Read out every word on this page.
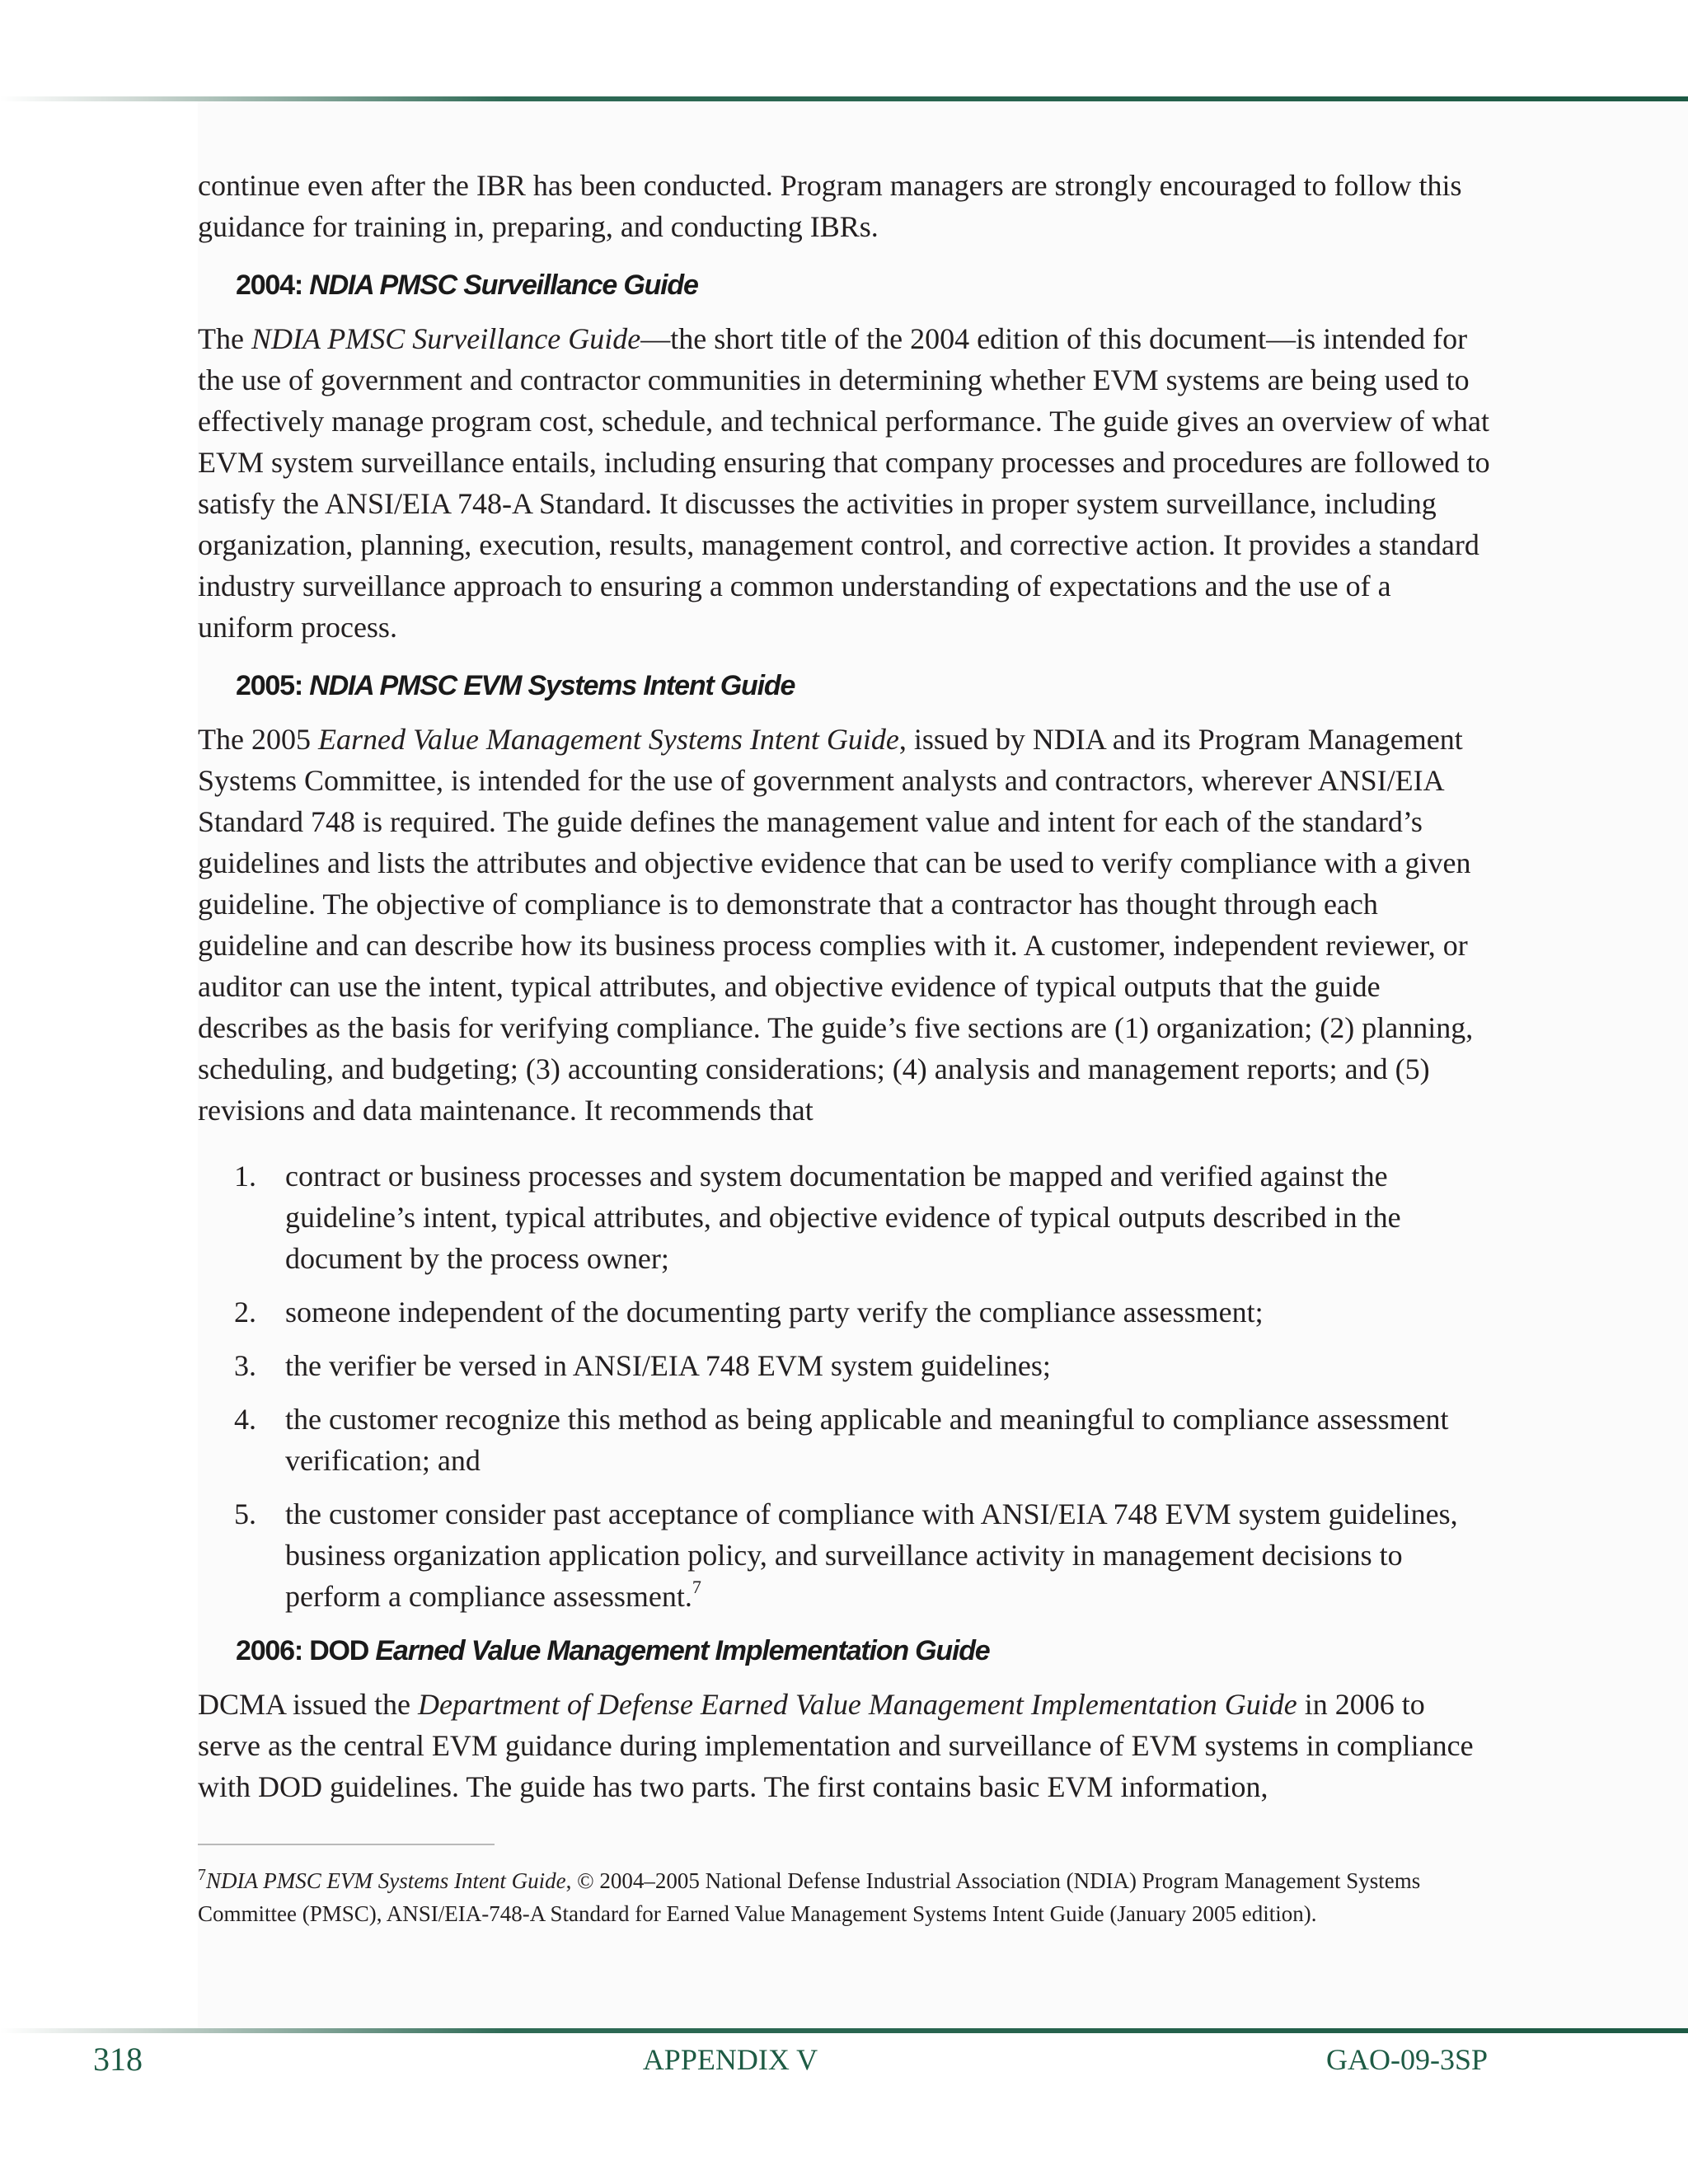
continue even after the IBR has been conducted. Program managers are strongly encouraged to follow this guidance for training in, preparing, and conducting IBRs.

2004: NDIA PMSC Surveillance Guide

The NDIA PMSC Surveillance Guide—the short title of the 2004 edition of this document—is intended for the use of government and contractor communities in determining whether EVM systems are being used to effectively manage program cost, schedule, and technical performance. The guide gives an overview of what EVM system surveillance entails, including ensuring that company processes and procedures are followed to satisfy the ANSI/EIA 748-A Standard. It discusses the activities in proper system surveillance, including organization, planning, execution, results, management control, and corrective action. It provides a standard industry surveillance approach to ensuring a common understanding of expectations and the use of a uniform process.

2005: NDIA PMSC EVM Systems Intent Guide

The 2005 Earned Value Management Systems Intent Guide, issued by NDIA and its Program Management Systems Committee, is intended for the use of government analysts and contractors, wherever ANSI/EIA Standard 748 is required. The guide defines the management value and intent for each of the standard’s guidelines and lists the attributes and objective evidence that can be used to verify compliance with a given guideline. The objective of compliance is to demonstrate that a contractor has thought through each guideline and can describe how its business process complies with it. A customer, independent reviewer, or auditor can use the intent, typical attributes, and objective evidence of typical outputs that the guide describes as the basis for verifying compliance. The guide’s five sections are (1) organization; (2) planning, scheduling, and budgeting; (3) accounting considerations; (4) analysis and management reports; and (5) revisions and data maintenance. It recommends that

1. contract or business processes and system documentation be mapped and verified against the guideline’s intent, typical attributes, and objective evidence of typical outputs described in the document by the process owner;
2. someone independent of the documenting party verify the compliance assessment;
3. the verifier be versed in ANSI/EIA 748 EVM system guidelines;
4. the customer recognize this method as being applicable and meaningful to compliance assessment verification; and
5. the customer consider past acceptance of compliance with ANSI/EIA 748 EVM system guidelines, business organization application policy, and surveillance activity in management decisions to perform a compliance assessment.$^7$
2006: DOD Earned Value Management Implementation Guide

DCMA issued the Department of Defense Earned Value Management Implementation Guide in 2006 to serve as the central EVM guidance during implementation and surveillance of EVM systems in compliance with DOD guidelines. The guide has two parts. The first contains basic EVM information,

$^7$NDIA PMSC EVM Systems Intent Guide, © 2004–2005 National Defense Industrial Association (NDIA) Program Management Systems Committee (PMSC), ANSI/EIA-748-A Standard for Earned Value Management Systems Intent Guide (January 2005 edition).
318	APPENDIX V	GAO-09-3SP
